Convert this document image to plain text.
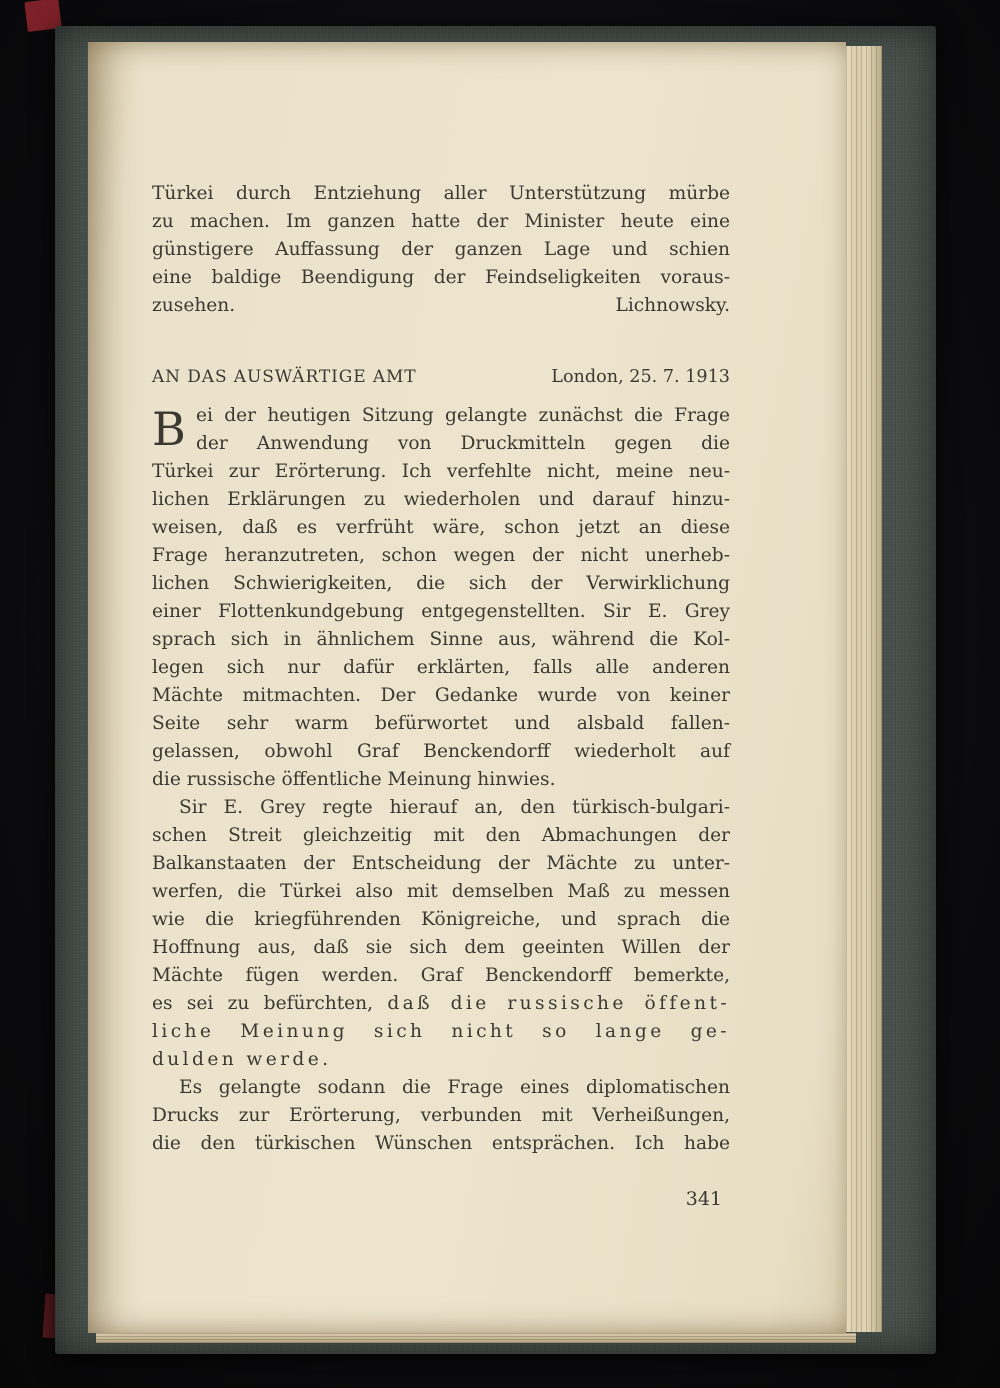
Türkei durch Entziehung aller Unterstützung mürbe
zu machen. Im ganzen hatte der Minister heute eine
günstigere Auffassung der ganzen Lage und schien
eine baldige Beendigung der Feindseligkeiten voraus-
zusehen.	Lichnowsky.
AN DAS AUSWÄRTIGE AMT	London, 25. 7. 1913
B ei der heutigen Sitzung gelangte zunächst die Frage
der Anwendung von Druckmitteln gegen die
Türkei zur Erörterung. Ich verfehlte nicht, meine neu-
lichen Erklärungen zu wiederholen und darauf hinzu-
weisen, daß es verfrüht wäre, schon jetzt an diese
Frage heranzutreten, schon wegen der nicht unerheb-
lichen Schwierigkeiten, die sich der Verwirklichung
einer Flottenkundgebung entgegenstellten. Sir E. Grey
sprach sich in ähnlichem Sinne aus, während die Kol-
legen sich nur dafür erklärten, falls alle anderen
Mächte mitmachten. Der Gedanke wurde von keiner
Seite sehr warm befürwortet und alsbald fallen-
gelassen, obwohl Graf Benckendorff wiederholt auf
die russische öffentliche Meinung hinwies.
Sir E. Grey regte hierauf an, den türkisch-bulgari-
schen Streit gleichzeitig mit den Abmachungen der
Balkanstaaten der Entscheidung der Mächte zu unter-
werfen, die Türkei also mit demselben Maß zu messen
wie die kriegführenden Königreiche, und sprach die
Hoffnung aus, daß sie sich dem geeinten Willen der
Mächte fügen werden. Graf Benckendorff bemerkte,
es sei zu befürchten, daß die russische öffent-
liche Meinung sich nicht so lange ge-
dulden werde.
Es gelangte sodann die Frage eines diplomatischen
Drucks zur Erörterung, verbunden mit Verheißungen,
die den türkischen Wünschen entsprächen. Ich habe
341
